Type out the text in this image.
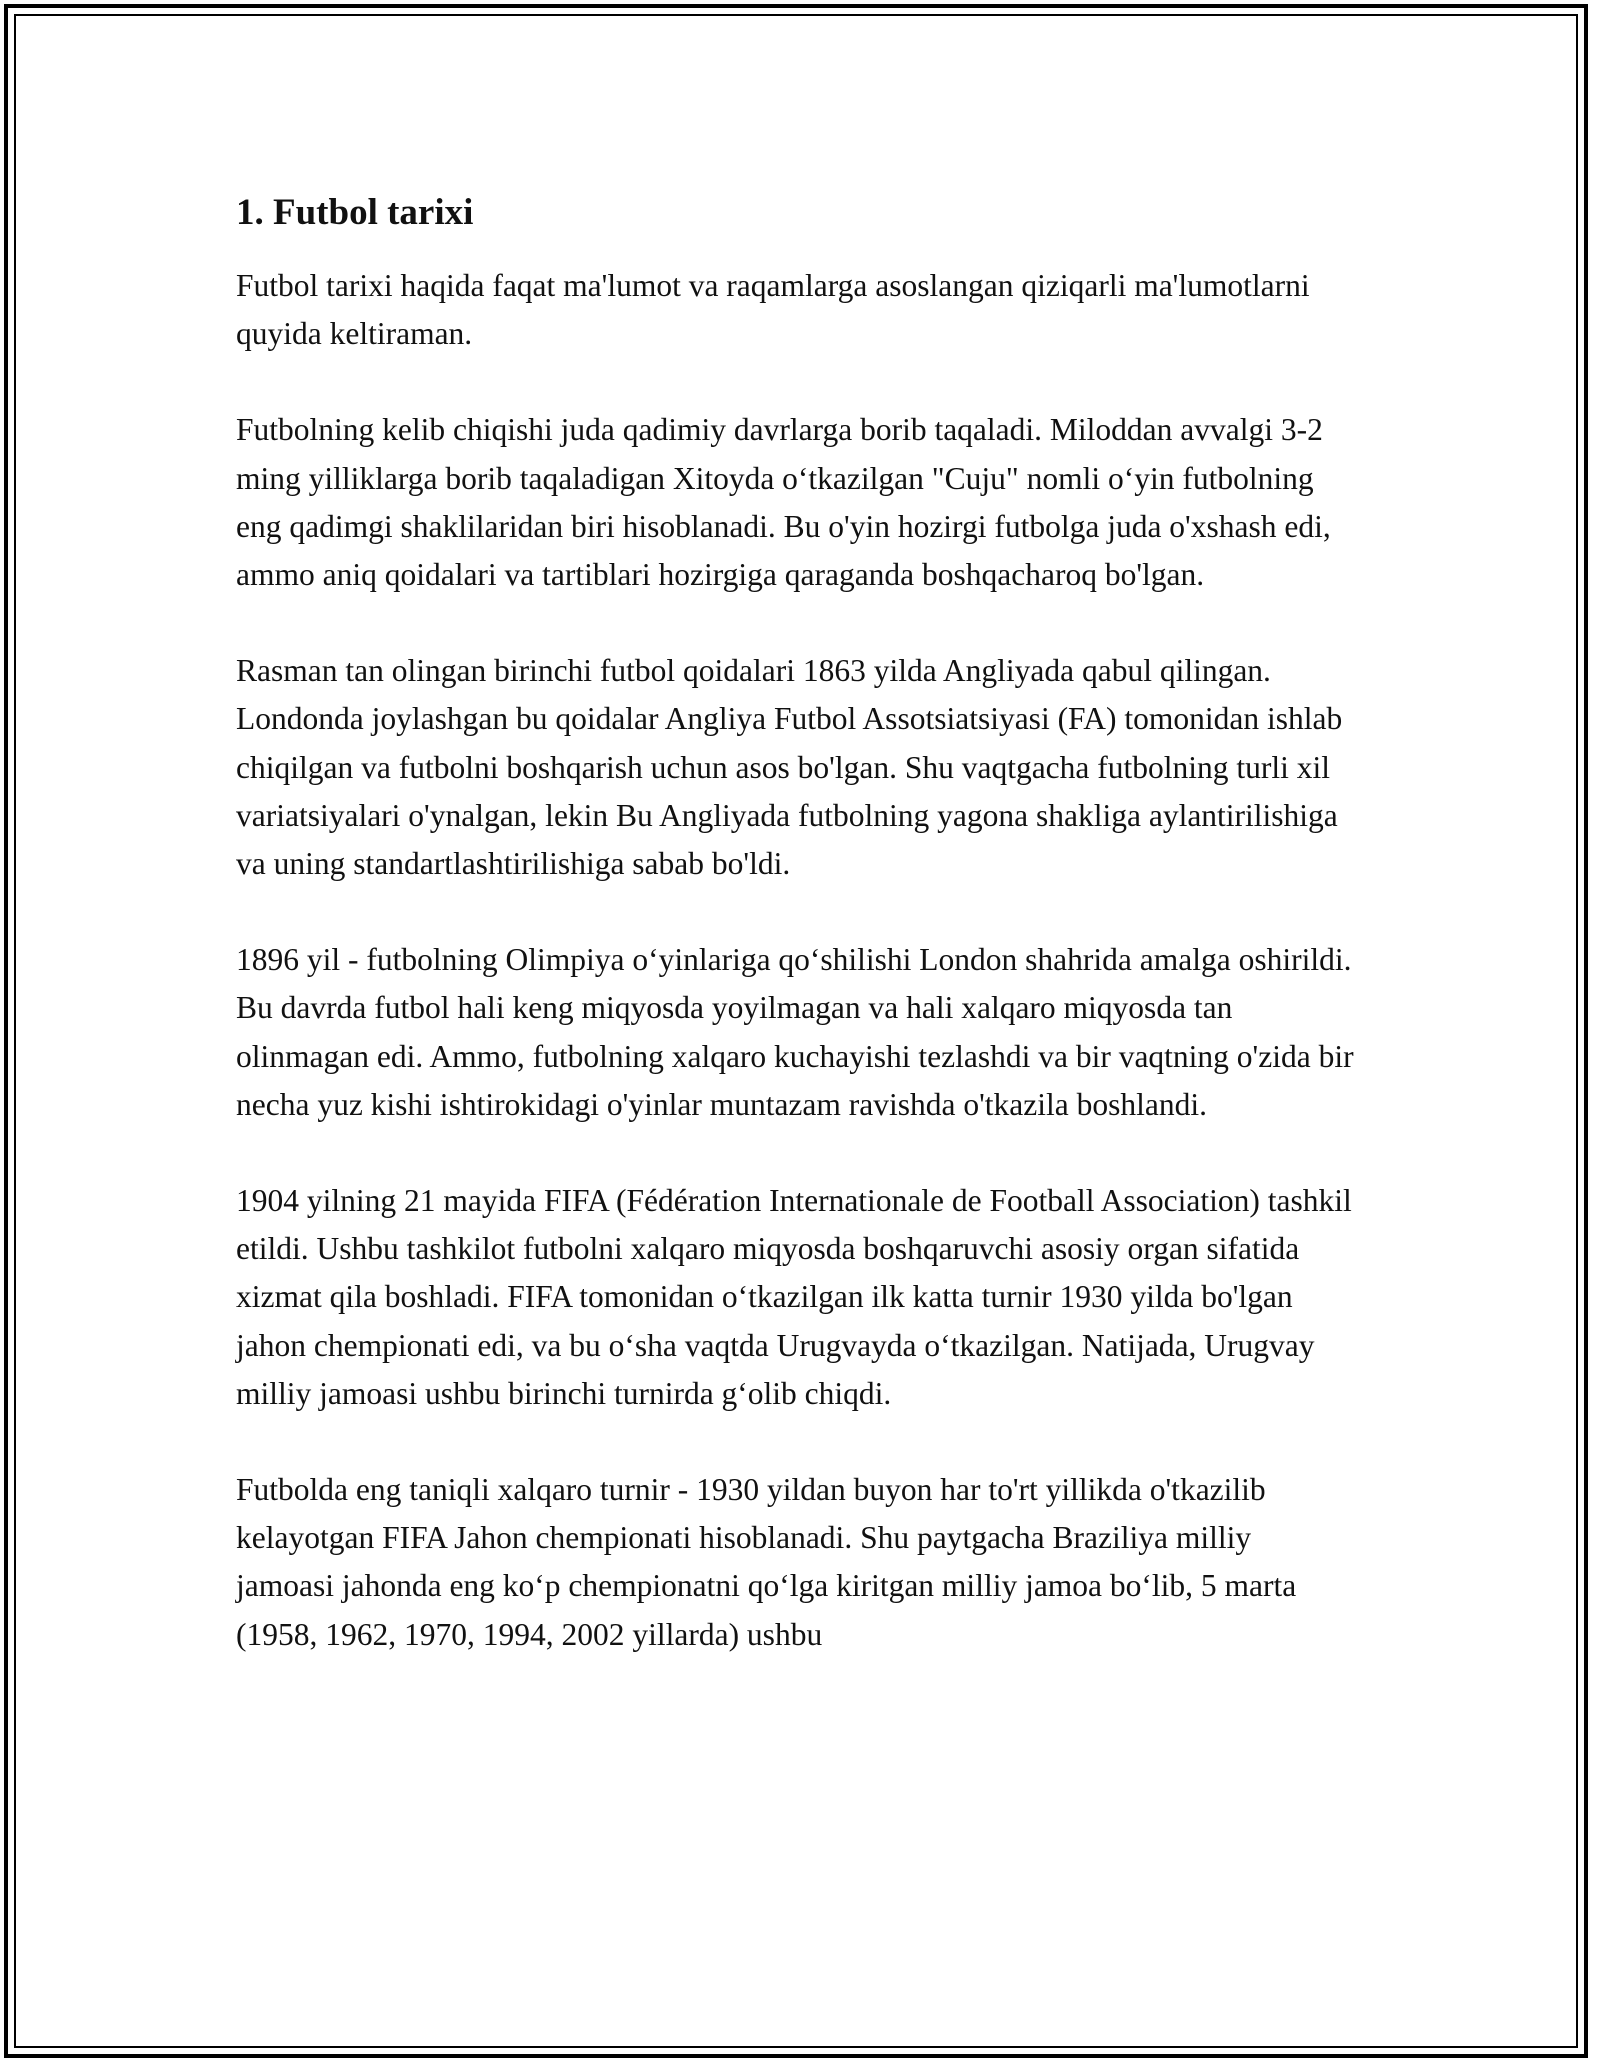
1. Futbol tarixi

Futbol tarixi haqida faqat ma'lumot va raqamlarga asoslangan qiziqarli ma'lumotlarni quyida keltiraman.

Futbolning kelib chiqishi juda qadimiy davrlarga borib taqaladi. Miloddan avvalgi 3-2 ming yilliklarga borib taqaladigan Xitoyda o‘tkazilgan "Cuju" nomli o‘yin futbolning eng qadimgi shaklilaridan biri hisoblanadi. Bu o'yin hozirgi futbolga juda o'xshash edi, ammo aniq qoidalari va tartiblari hozirgiga qaraganda boshqacharoq bo'lgan.

Rasman tan olingan birinchi futbol qoidalari 1863 yilda Angliyada qabul qilingan. Londonda joylashgan bu qoidalar Angliya Futbol Assotsiatsiyasi (FA) tomonidan ishlab chiqilgan va futbolni boshqarish uchun asos bo'lgan. Shu vaqtgacha futbolning turli xil variatsiyalari o'ynalgan, lekin Bu Angliyada futbolning yagona shakliga aylantirilishiga va uning standartlashtirilishiga sabab bo'ldi.

1896 yil - futbolning Olimpiya o‘yinlariga qo‘shilishi London shahrida amalga oshirildi. Bu davrda futbol hali keng miqyosda yoyilmagan va hali xalqaro miqyosda tan olinmagan edi. Ammo, futbolning xalqaro kuchayishi tezlashdi va bir vaqtning o'zida bir necha yuz kishi ishtirokidagi o'yinlar muntazam ravishda o'tkazila boshlandi.

1904 yilning 21 mayida FIFA (Fédération Internationale de Football Association) tashkil etildi. Ushbu tashkilot futbolni xalqaro miqyosda boshqaruvchi asosiy organ sifatida xizmat qila boshladi. FIFA tomonidan o‘tkazilgan ilk katta turnir 1930 yilda bo'lgan jahon chempionati edi, va bu o‘sha vaqtda Urugvayda o‘tkazilgan. Natijada, Urugvay milliy jamoasi ushbu birinchi turnirda g‘olib chiqdi.

Futbolda eng taniqli xalqaro turnir - 1930 yildan buyon har to'rt yillikda o'tkazilib kelayotgan FIFA Jahon chempionati hisoblanadi. Shu paytgacha Braziliya milliy jamoasi jahonda eng ko‘p chempionatni qo‘lga kiritgan milliy jamoa bo‘lib, 5 marta (1958, 1962, 1970, 1994, 2002 yillarda) ushbu
